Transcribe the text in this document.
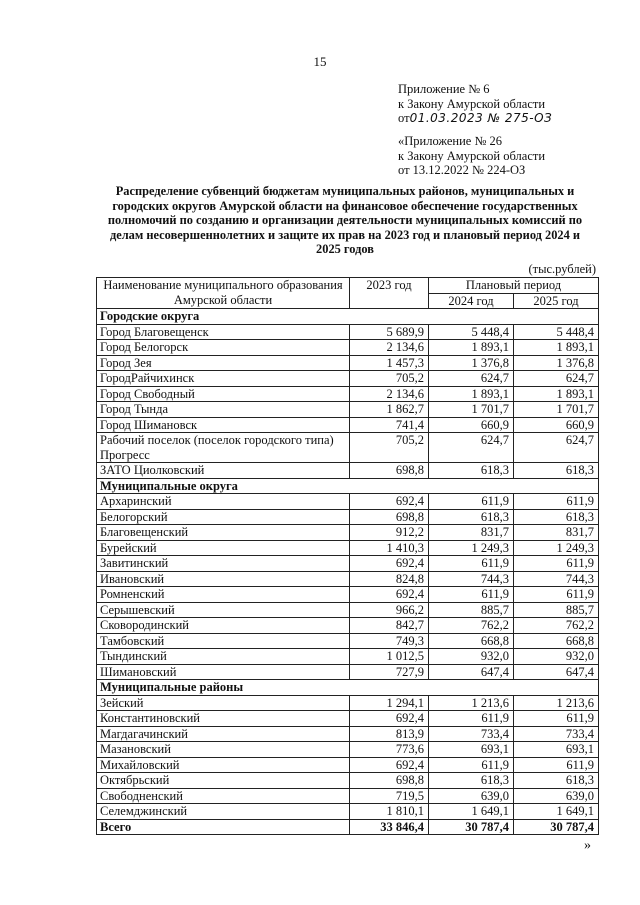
15
Приложение № 6
к Закону Амурской области
от01.03.2023 № 275-ОЗ
«Приложение № 26
к Закону Амурской области
от 13.12.2022 № 224-ОЗ
Распределение субвенций бюджетам муниципальных районов, муниципальных и городских округов Амурской области на финансовое обеспечение государственных полномочий по созданию и организации деятельности муниципальных комиссий по делам несовершеннолетних и защите их прав на 2023 год и плановый период 2024 и 2025 годов
(тыс.рублей)
Наименование муниципального образования Амурской области	2023 год	Плановый период	
		2024 год	2025 год
Городские округа			
Город Благовещенск	5 689,9	5 448,4	5 448,4
Город Белогорск	2 134,6	1 893,1	1 893,1
Город Зея	1 457,3	1 376,8	1 376,8
ГородРайчихинск	705,2	624,7	624,7
Город Свободный	2 134,6	1 893,1	1 893,1
Город Тында	1 862,7	1 701,7	1 701,7
Город Шимановск	741,4	660,9	660,9
Рабочий поселок (поселок городского типа) Прогресс	705,2	624,7	624,7
ЗАТО Циолковский	698,8	618,3	618,3
Муниципальные округа			
Архаринский	692,4	611,9	611,9
Белогорский	698,8	618,3	618,3
Благовещенский	912,2	831,7	831,7
Бурейский	1 410,3	1 249,3	1 249,3
Завитинский	692,4	611,9	611,9
Ивановский	824,8	744,3	744,3
Ромненский	692,4	611,9	611,9
Серышевский	966,2	885,7	885,7
Сковородинский	842,7	762,2	762,2
Тамбовский	749,3	668,8	668,8
Тындинский	1 012,5	932,0	932,0
Шимановский	727,9	647,4	647,4
Муниципальные районы			
Зейский	1 294,1	1 213,6	1 213,6
Константиновский	692,4	611,9	611,9
Магдагачинский	813,9	733,4	733,4
Мазановский	773,6	693,1	693,1
Михайловский	692,4	611,9	611,9
Октябрьский	698,8	618,3	618,3
Свободненский	719,5	639,0	639,0
Селемджинский	1 810,1	1 649,1	1 649,1
Всего	33 846,4	30 787,4	30 787,4
»
